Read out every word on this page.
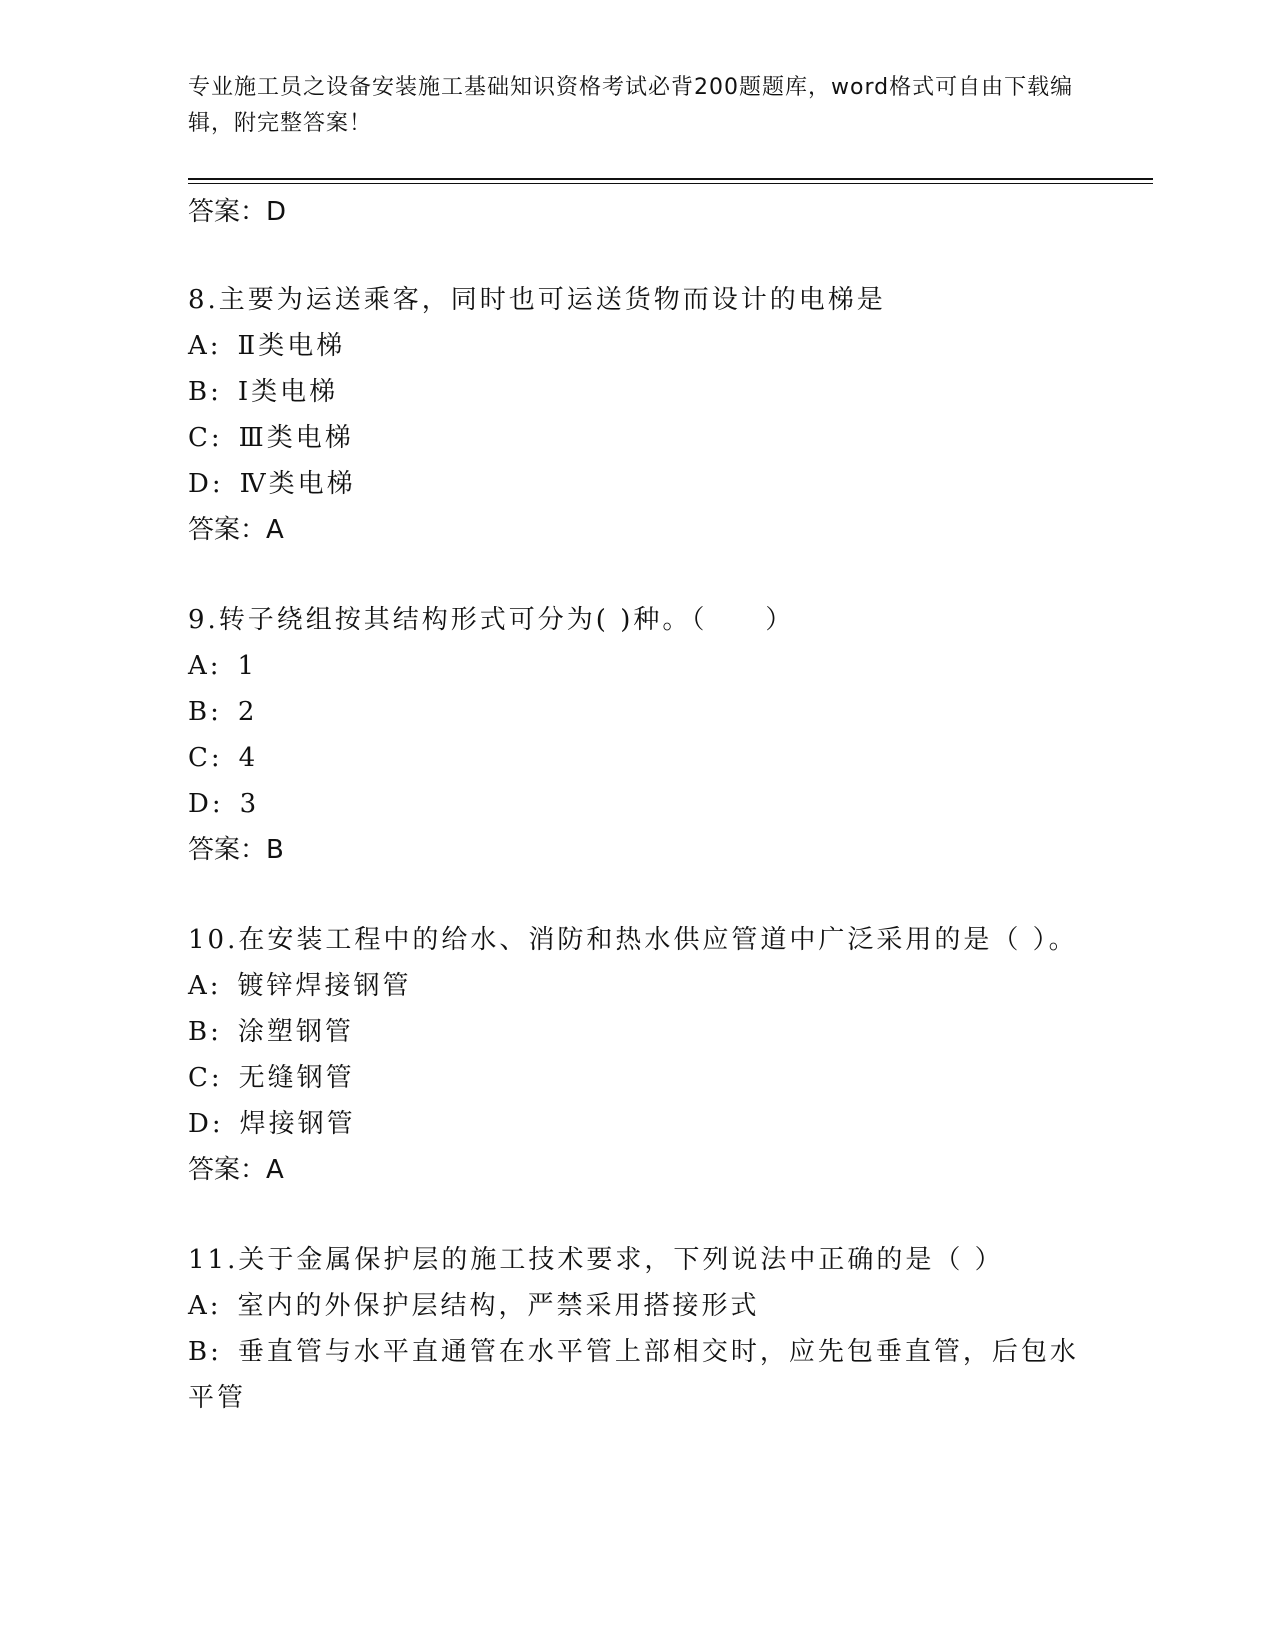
专业施工员之设备安装施工基础知识资格考试必背200题题库，word格式可自由下载编辑，附完整答案！
答案：D
8.主要为运送乘客，同时也可运送货物而设计的电梯是
A: Ⅱ类电梯
B: Ⅰ类电梯
C: Ⅲ类电梯
D: Ⅳ类电梯
答案：A
9.转子绕组按其结构形式可分为( )种。（　　）
A: 1
B: 2
C: 4
D: 3
答案：B
10.在安装工程中的给水、消防和热水供应管道中广泛采用的是（ ）。
A: 镀锌焊接钢管
B: 涂塑钢管
C: 无缝钢管
D: 焊接钢管
答案：A
11.关于金属保护层的施工技术要求，下列说法中正确的是（ ）
A: 室内的外保护层结构，严禁采用搭接形式
B: 垂直管与水平直通管在水平管上部相交时，应先包垂直管，后包水平管
